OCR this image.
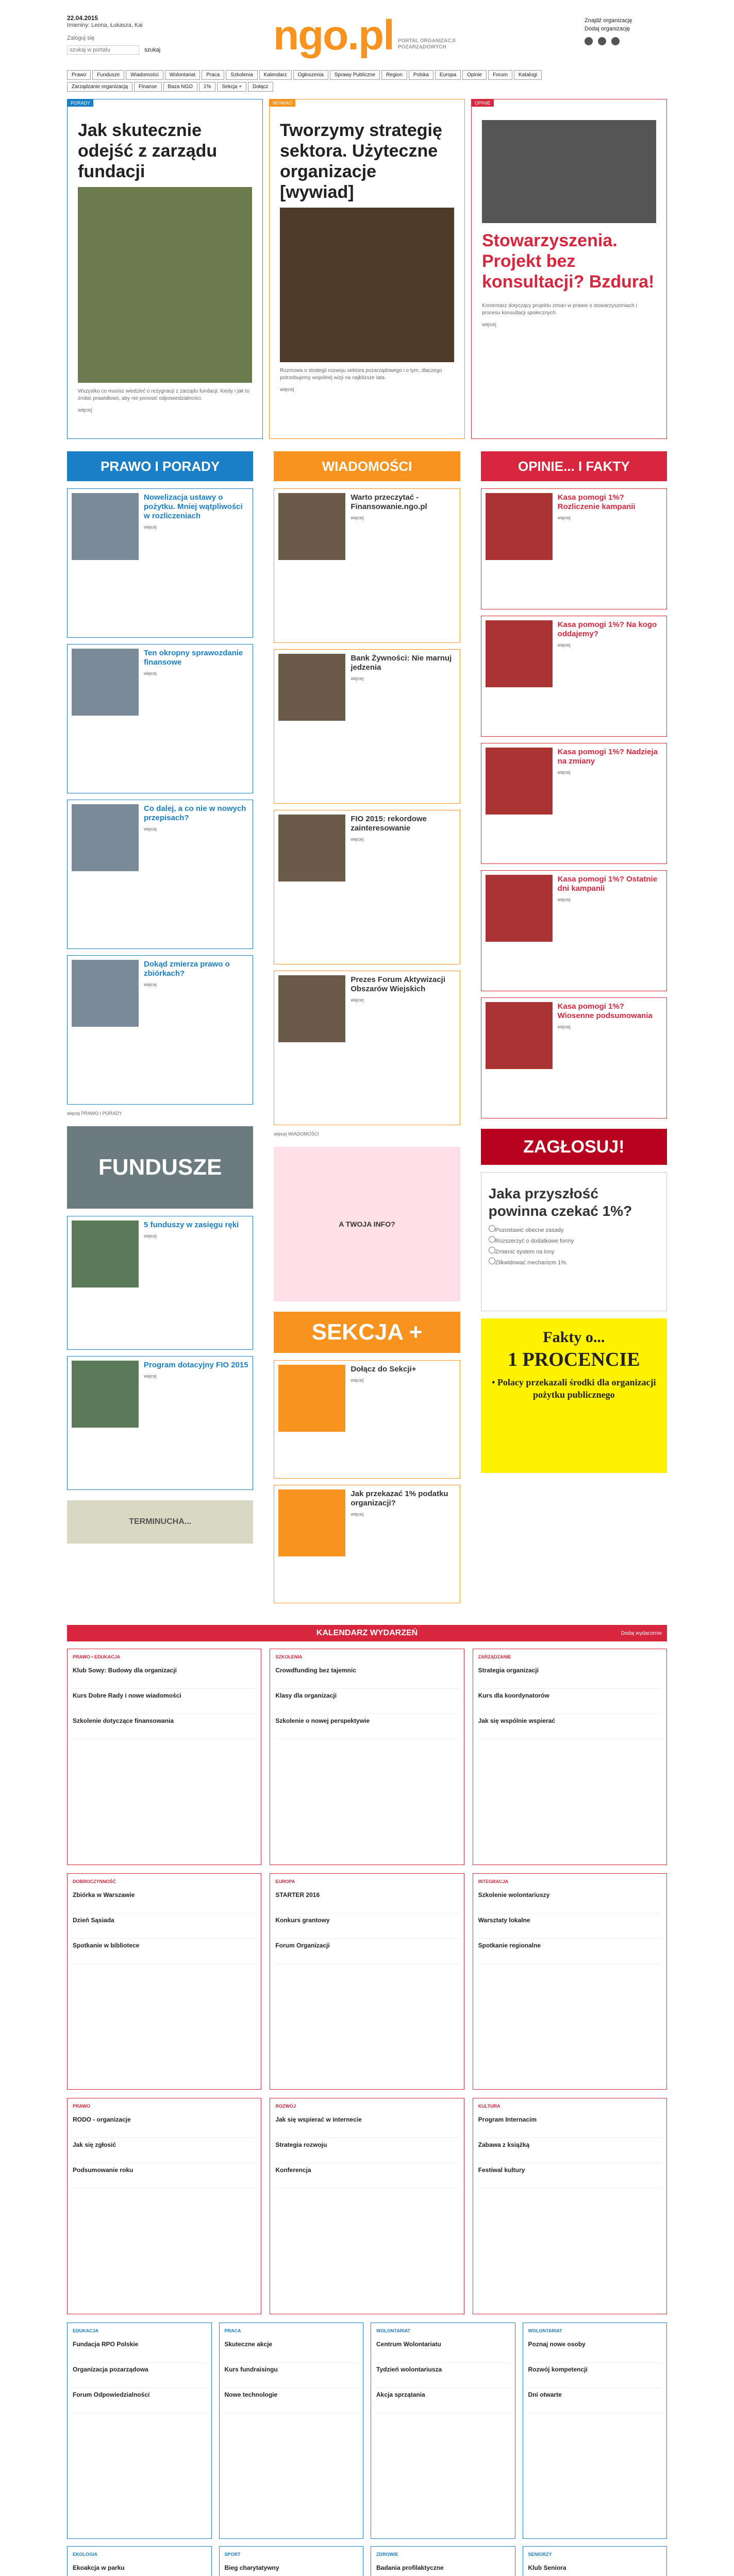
22.04.2015
Imieniny: Leona, Łukasza, Kai
Zaloguj się
szukaj w portalu
szukaj	ngo.pl PORTAL ORGANIZACJI POZARZĄDOWYCH
Znajdź organizację
Dodaj organizację
Prawo	Fundusze	Wiadomości	Wolontariat	Praca	Szkolenia	Kalendarz	Ogłoszenia	Sprawy Publiczne	Region	Polska	Europa	Opinie	Forum	Katalogi
Zarządzanie organizacją	Finanse	Baza NGO	1%	Sekcja +	Dołącz
PORADY
Jak skutecznie odejść z zarządu fundacji

Wszystko co musisz wiedzieć o rezygnacji z zarządu fundacji. Kiedy i jak to zrobić prawidłowo, aby nie ponosić odpowiedzialności.

więcej
WYWIAD
Tworzymy strategię sektora. Użyteczne organizacje [wywiad]

Rozmowa o strategii rozwoju sektora pozarządowego i o tym, dlaczego potrzebujemy wspólnej wizji na najbliższe lata.

więcej
OPINIE
Stowarzyszenia. Projekt bez konsultacji? Bzdura!

Komentarz dotyczący projektu zmian w prawie o stowarzyszeniach i procesu konsultacji społecznych.

więcej
PRAWO I PORADY
Nowelizacja ustawy o pożytku. Mniej wątpliwości w rozliczeniach
więcej
Ten okropny sprawozdanie finansowe
więcej
Co dalej, a co nie w nowych przepisach?
więcej
Dokąd zmierza prawo o zbiórkach?
więcej
więcej PRAWO I PORADY
FUNDUSZE
5 funduszy w zasięgu ręki
więcej
Program dotacyjny FIO 2015
więcej
TERMINUCHA...
WIADOMOŚCI
Warto przeczytać - Finansowanie.ngo.pl
więcej
Bank Żywności: Nie marnuj jedzenia
więcej
FIO 2015: rekordowe zainteresowanie
więcej
Prezes Forum Aktywizacji Obszarów Wiejskich
więcej
więcej WIADOMOŚCI
A TWOJA INFO?
SEKCJA +
Dołącz do Sekcji+
więcej
Jak przekazać 1% podatku organizacji?
więcej
OPINIE... I FAKTY
Kasa pomogi 1%? Rozliczenie kampanii
więcej
Kasa pomogi 1%? Na kogo oddajemy?
więcej
Kasa pomogi 1%? Nadzieja na zmiany
więcej
Kasa pomogi 1%? Ostatnie dni kampanii
więcej
Kasa pomogi 1%? Wiosenne podsumowania
więcej
ZAGŁOSUJ!
Jaka przyszłość powinna czekać 1%?
Pozostawić obecne zasady
Rozszerzyć o dodatkowe formy
Zmienić system na inny
Zlikwidować mechanizm 1%
Fakty o...
1 PROCENCIE
• Polacy przekazali środki dla organizacji pożytku publicznego
KALENDARZ WYDARZEŃ	Dodaj wydarzenie
PRAWO • EDUKACJA
Klub Sowy: Budowy dla organizacji
Kurs Dobre Rady i nowe wiadomości
Szkolenie dotyczące finansowania
SZKOLENIA
Crowdfunding bez tajemnic
Klasy dla organizacji
Szkolenie o nowej perspektywie
ZARZĄDZANIE
Strategia organizacji
Kurs dla koordynatorów
Jak się wspólnie wspierać
DOBROCZYNNOŚĆ
Zbiórka w Warszawie
Dzień Sąsiada
Spotkanie w bibliotece
EUROPA
STARTER 2016
Konkurs grantowy
Forum Organizacji
INTEGRACJA
Szkolenie wolontariuszy
Warsztaty lokalne
Spotkanie regionalne
PRAWO
RODO - organizacje
Jak się zgłosić
Podsumowanie roku
ROZWÓJ
Jak się wspierać w internecie
Strategia rozwoju
Konferencja
KULTURA
Program Internacim
Zabawa z książką
Festiwal kultury
EDUKACJA
Fundacja RPO Polskie
Organizacja pozarządowa
Forum Odpowiedzialności
PRACA
Skuteczne akcje
Kurs fundraisingu
Nowe technologie
WOLONTARIAT
Centrum Wolontariatu
Tydzień wolontariusza
Akcja sprzątania
WOLONTARIAT
Poznaj nowe osoby
Rozwój kompetencji
Dni otwarte
EKOLOGIA
Ekoakcja w parku
SPORT
Bieg charytatywny
ZDROWIE
Badania profilaktyczne
SENIORZY
Klub Seniora
